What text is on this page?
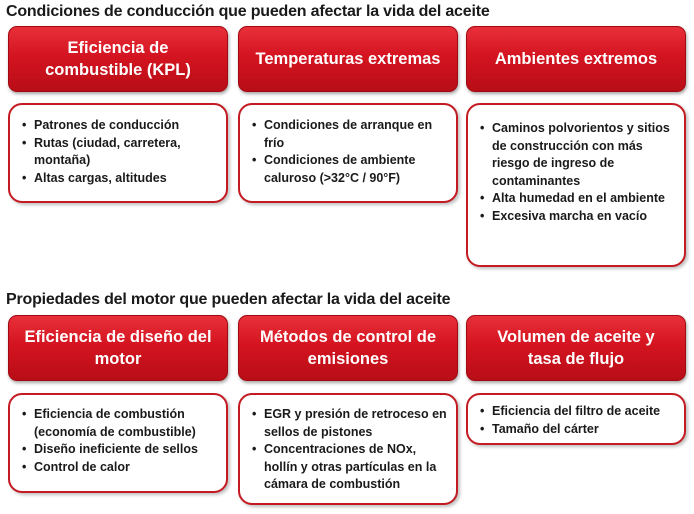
Condiciones de conducción que pueden afectar la vida del aceite
Eficiencia de combustible (KPL)
Temperaturas extremas	Ambientes extremos
• Patrones de conducción
• Rutas (ciudad, carretera, montaña)
• Altas cargas, altitudes
• Condiciones de arranque en frío
• Condiciones de ambiente caluroso (>32°C / 90°F)
• Caminos polvorientos y sitios de construcción con más riesgo de ingreso de contaminantes
• Alta humedad en el ambiente
• Excesiva marcha en vacío
Propiedades del motor que pueden afectar la vida del aceite
Eficiencia de diseño del motor
Métodos de control de emisiones
Volumen de aceite y tasa de flujo
• Eficiencia de combustión (economía de combustible)
• Diseño ineficiente de sellos
• Control de calor
• EGR y presión de retroceso en sellos de pistones
• Concentraciones de NOx, hollín y otras partículas en la cámara de combustión
• Eficiencia del filtro de aceite
• Tamaño del cárter
